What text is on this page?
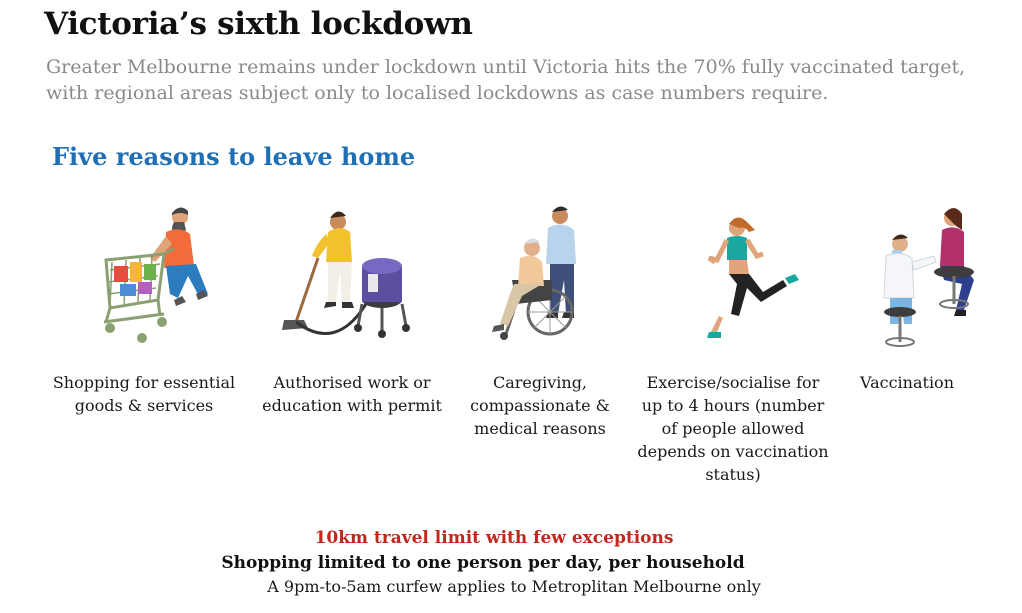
Victoria’s sixth lockdown
Greater Melbourne remains under lockdown until Victoria hits the 70% fully vaccinated target, with regional areas subject only to localised lockdowns as case numbers require.
Five reasons to leave home
Shopping for essential goods & services
Authorised work or education with permit
Caregiving, compassionate & medical reasons
Exercise/socialise for up to 4 hours (number of people allowed depends on vaccination status)
Vaccination
10km travel limit with few exceptions
Shopping limited to one person per day, per household
A 9pm-to-5am curfew applies to Metroplitan Melbourne only
